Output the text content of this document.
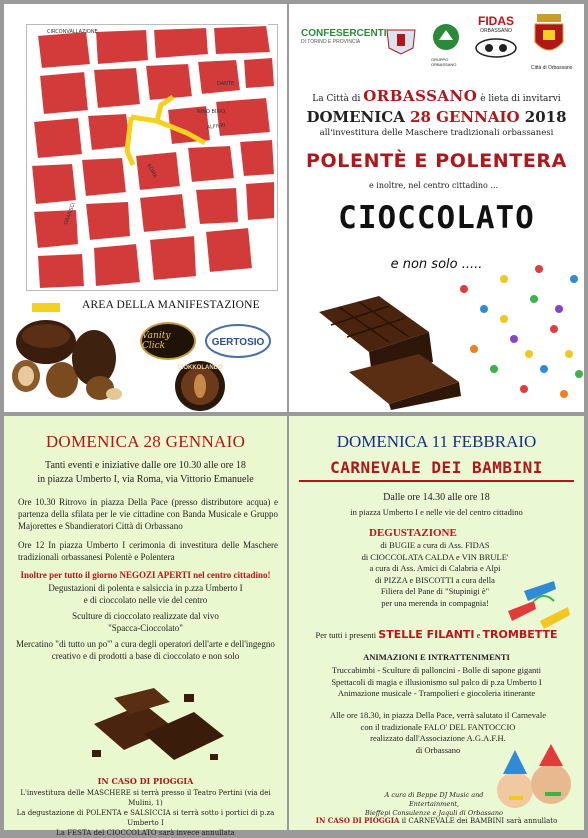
CIRCONVALLAZIONE
ALFIERI
DANTE
NINO BIXIO
ROMA
GRAMSCI
AREA DELLA MANIFESTAZIONE
Vanity Click	GERTOSIO
CIOKKOLANDO
CONFESERCENTI
DI TORINO E PROVINCIA
GRUPPO ORBASSANO
FIDAS
ORBASSANO
Città di Orbassano
La Città di ORBASSANO è lieta di invitarvi
DOMENICA 28 GENNAIO 2018
all'investitura delle Maschere tradizionali orbassanesi
POLENTÈ E POLENTERA
e inoltre, nel centro cittadino ...
CIOCCOLATO
e non solo .....
DOMENICA 28 GENNAIO
Tanti eventi e iniziative dalle ore 10.30 alle ore 18
in piazza Umberto I, via Roma, via Vittorio Emanuele
Ore 10.30 Ritrovo in piazza Della Pace (presso distributore acqua) e partenza della sfilata per le vie cittadine con Banda Musicale e Gruppo Majorettes e Sbandieratori Città di Orbassano
Ore 12 In piazza Umberto I cerimonia di investitura delle Maschere tradizionali orbassanesi Polentè e Polentera
Inoltre per tutto il giorno NEGOZI APERTI nel centro cittadino!
Degustazioni di polenta e salsiccia in p.zza Umberto I
e di cioccolato nelle vie del centro
Sculture di cioccolato realizzate dal vivo
"Spacca-Cioccolato"
Mercatino "di tutto un po'" a cura degli operatori dell'arte e dell'ingegno creativo e di prodotti a base di cioccolato e non solo
IN CASO DI PIOGGIA
L'investitura delle MASCHERE si terrà presso il Teatro Pertini (via dei Mulini, 1)
La degustazione di POLENTA e SALSICCIA si terrà sotto i portici di p.za Umberto I
La FESTA del CIOCCOLATO sarà invece annullata
DOMENICA 11 FEBBRAIO
CARNEVALE DEI BAMBINI
Dalle ore 14.30 alle ore 18
in piazza Umberto I e nelle vie del centro cittadino
DEGUSTAZIONE
di BUGIE a cura di Ass. FIDAS
di CIOCCOLATA CALDA e VIN BRULE'
a cura di Ass. Amici di Calabria e Alpi
di PIZZA e BISCOTTI a cura della
Filiera del Pane di "Stupinigi è"
per una merenda in compagnia!
Per tutti i presenti STELLE FILANTI e TROMBETTE
ANIMAZIONI E INTRATTENIMENTI
Truccabimbi - Sculture di palloncini - Bolle di sapone giganti
Spettacoli di magia e illusionismo sul palco di p.za Umberto I
Animazione musicale - Trampolieri e giocoleria itinerante
Alle ore 18.30, in piazza Della Pace, verrà salutato il Carnevale
con il tradizionale FALO' DEL FANTOCCIO
realizzato dall'Associazione A.G.A.F.H.
di Orbassano
A cura di Beppe DJ Music and Entertainment,
Bieffepi Consulenze e Jaquli di Orbassano
IN CASO DI PIOGGIA il CARNEVALE dei BAMBINI sarà annullato
